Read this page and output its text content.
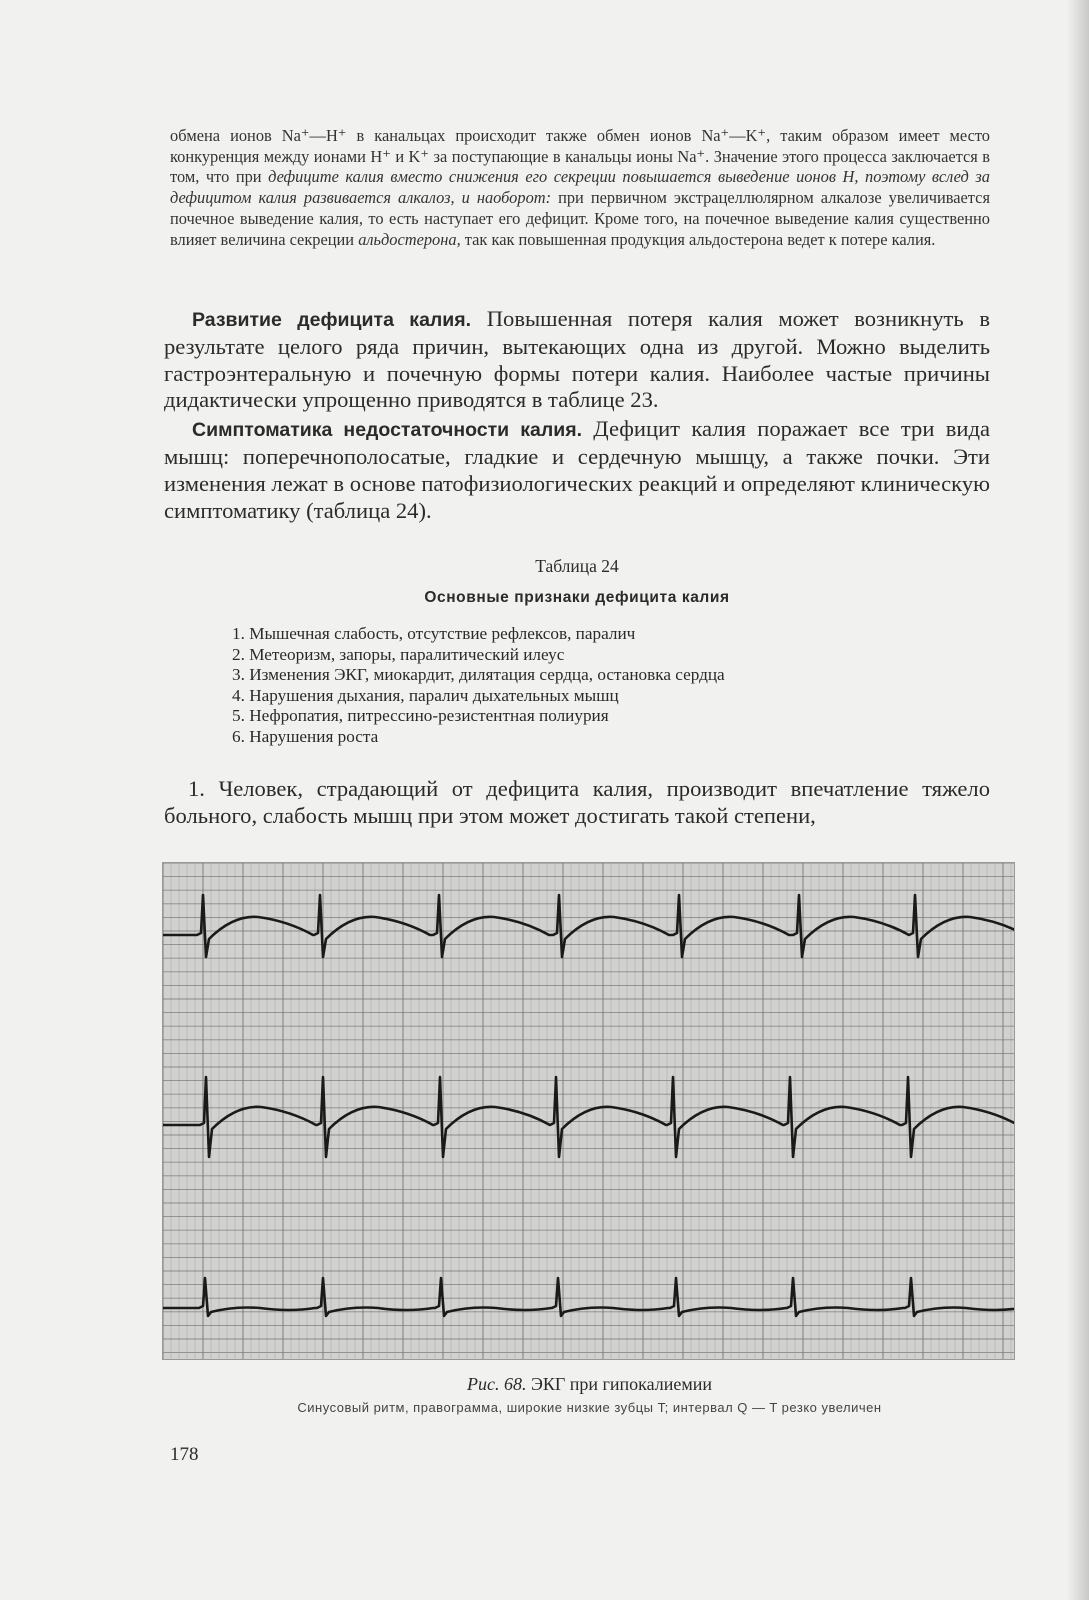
обмена ионов Na⁺—H⁺ в канальцах происходит также обмен ионов Na⁺—K⁺, таким образом имеет место конкуренция между ионами H⁺ и K⁺ за поступающие в канальцы ионы Na⁺. Значение этого процесса заключается в том, что при дефиците калия вместо снижения его секреции повышается выведение ионов H, поэтому вслед за дефицитом калия развивается алкалоз, и наоборот: при первичном экстрацеллюлярном алкалозе увеличивается почечное выведение калия, то есть наступает его дефицит. Кроме того, на почечное выведение калия существенно влияет величина секреции альдостерона, так как повышенная продукция альдостерона ведет к потере калия.

Развитие дефицита калия. Повышенная потеря калия может возникнуть в результате целого ряда причин, вытекающих одна из другой. Можно выделить гастроэнтеральную и почечную формы потери калия. Наиболее частые причины дидактически упрощенно приводятся в таблице 23.

Симптоматика недостаточности калия. Дефицит калия поражает все три вида мышц: поперечнополосатые, гладкие и сердечную мышцу, а также почки. Эти изменения лежат в основе патофизиологических реакций и определяют клиническую симптоматику (таблица 24).

Таблица 24
Основные признаки дефицита калия
1. Мышечная слабость, отсутствие рефлексов, паралич
2. Метеоризм, запоры, паралитический илеус
3. Изменения ЭКГ, миокардит, дилятация сердца, остановка сердца
4. Нарушения дыхания, паралич дыхательных мышц
5. Нефропатия, питрессино-резистентная полиурия
6. Нарушения роста

1. Человек, страдающий от дефицита калия, производит впечатление тяжело больного, слабость мышц при этом может достигать такой степени,

Рис. 68. ЭКГ при гипокалиемии
Синусовый ритм, правограмма, широкие низкие зубцы T; интервал Q — T резко увеличен
178
